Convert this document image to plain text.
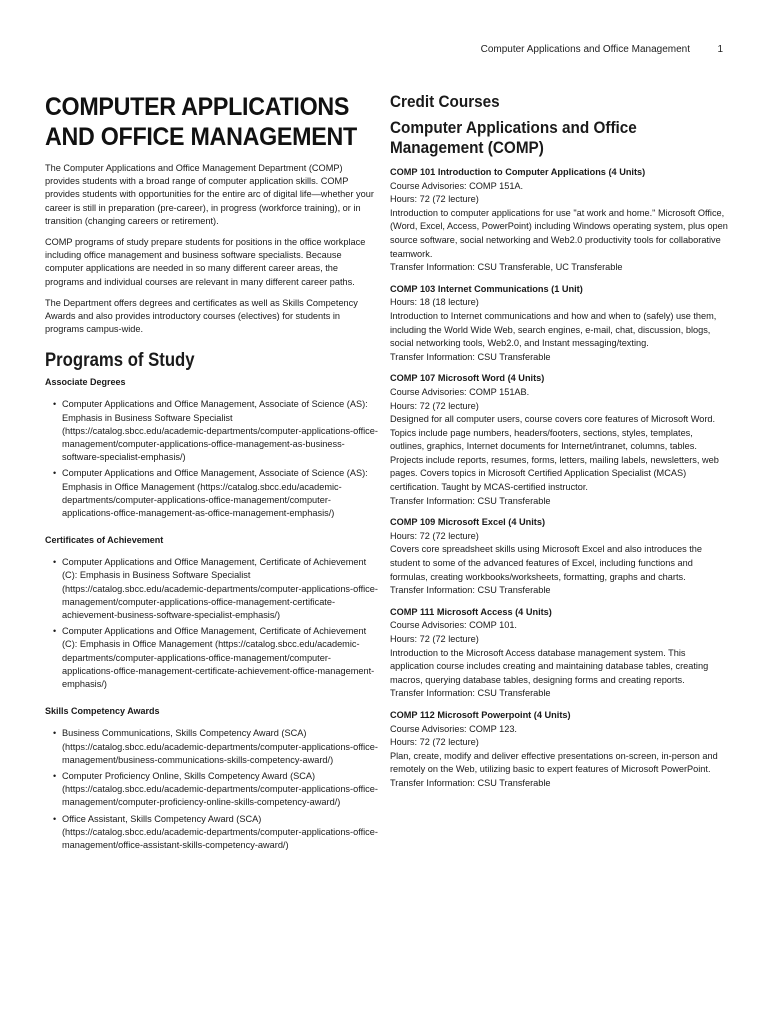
Computer Applications and Office Management	1
COMPUTER APPLICATIONS
AND OFFICE MANAGEMENT

The Computer Applications and Office Management Department (COMP) provides students with a broad range of computer application skills. COMP provides students with opportunities for the entire arc of digital life—whether your career is still in preparation (pre-career), in progress (workforce training), or in transition (changing careers or retirement).

COMP programs of study prepare students for positions in the office workplace including office management and business software specialists. Because computer applications are needed in so many different career areas, the programs and individual courses are relevant in many different career paths.

The Department offers degrees and certificates as well as Skills Competency Awards and also provides introductory courses (electives) for students in programs campus-wide.

Programs of Study
Associate Degrees
• Computer Applications and Office Management, Associate of Science (AS): Emphasis in Business Software Specialist (https://catalog.sbcc.edu/academic-departments/computer-applications-office-management/computer-applications-office-management-as-business-software-specialist-emphasis/)
• Computer Applications and Office Management, Associate of Science (AS): Emphasis in Office Management (https://catalog.sbcc.edu/academic-departments/computer-applications-office-management/computer-applications-office-management-as-office-management-emphasis/)
Certificates of Achievement
• Computer Applications and Office Management, Certificate of Achievement (C): Emphasis in Business Software Specialist (https://catalog.sbcc.edu/academic-departments/computer-applications-office-management/computer-applications-office-management-certificate-achievement-business-software-specialist-emphasis/)
• Computer Applications and Office Management, Certificate of Achievement (C): Emphasis in Office Management (https://catalog.sbcc.edu/academic-departments/computer-applications-office-management/computer-applications-office-management-certificate-achievement-office-management-emphasis/)
Skills Competency Awards
• Business Communications, Skills Competency Award (SCA) (https://catalog.sbcc.edu/academic-departments/computer-applications-office-management/business-communications-skills-competency-award/)
• Computer Proficiency Online, Skills Competency Award (SCA) (https://catalog.sbcc.edu/academic-departments/computer-applications-office-management/computer-proficiency-online-skills-competency-award/)
• Office Assistant, Skills Competency Award (SCA) (https://catalog.sbcc.edu/academic-departments/computer-applications-office-management/office-assistant-skills-competency-award/)
Credit Courses
Computer Applications and Office Management (COMP)
COMP 101 Introduction to Computer Applications (4 Units)
Course Advisories: COMP 151A.
Hours: 72 (72 lecture)
Introduction to computer applications for use "at work and home." Microsoft Office, (Word, Excel, Access, PowerPoint) including Windows operating system, plus open source software, social networking and Web2.0 productivity tools for collaborative teamwork.
Transfer Information: CSU Transferable, UC Transferable
COMP 103 Internet Communications (1 Unit)
Hours: 18 (18 lecture)
Introduction to Internet communications and how and when to (safely) use them, including the World Wide Web, search engines, e-mail, chat, discussion, blogs, social networking tools, Web2.0, and Instant messaging/texting.
Transfer Information: CSU Transferable
COMP 107 Microsoft Word (4 Units)
Course Advisories: COMP 151AB.
Hours: 72 (72 lecture)
Designed for all computer users, course covers core features of Microsoft Word. Topics include page numbers, headers/footers, sections, styles, templates, outlines, graphics, Internet documents for Internet/intranet, columns, tables. Projects include reports, resumes, forms, letters, mailing labels, newsletters, web pages. Covers topics in Microsoft Certified Application Specialist (MCAS) certification. Taught by MCAS-certified instructor.
Transfer Information: CSU Transferable
COMP 109 Microsoft Excel (4 Units)
Hours: 72 (72 lecture)
Covers core spreadsheet skills using Microsoft Excel and also introduces the student to some of the advanced features of Excel, including functions and formulas, creating workbooks/worksheets, formatting, graphs and charts.
Transfer Information: CSU Transferable
COMP 111 Microsoft Access (4 Units)
Course Advisories: COMP 101.
Hours: 72 (72 lecture)
Introduction to the Microsoft Access database management system. This application course includes creating and maintaining database tables, creating macros, querying database tables, designing forms and creating reports.
Transfer Information: CSU Transferable
COMP 112 Microsoft Powerpoint (4 Units)
Course Advisories: COMP 123.
Hours: 72 (72 lecture)
Plan, create, modify and deliver effective presentations on-screen, in-person and remotely on the Web, utilizing basic to expert features of Microsoft PowerPoint.
Transfer Information: CSU Transferable
